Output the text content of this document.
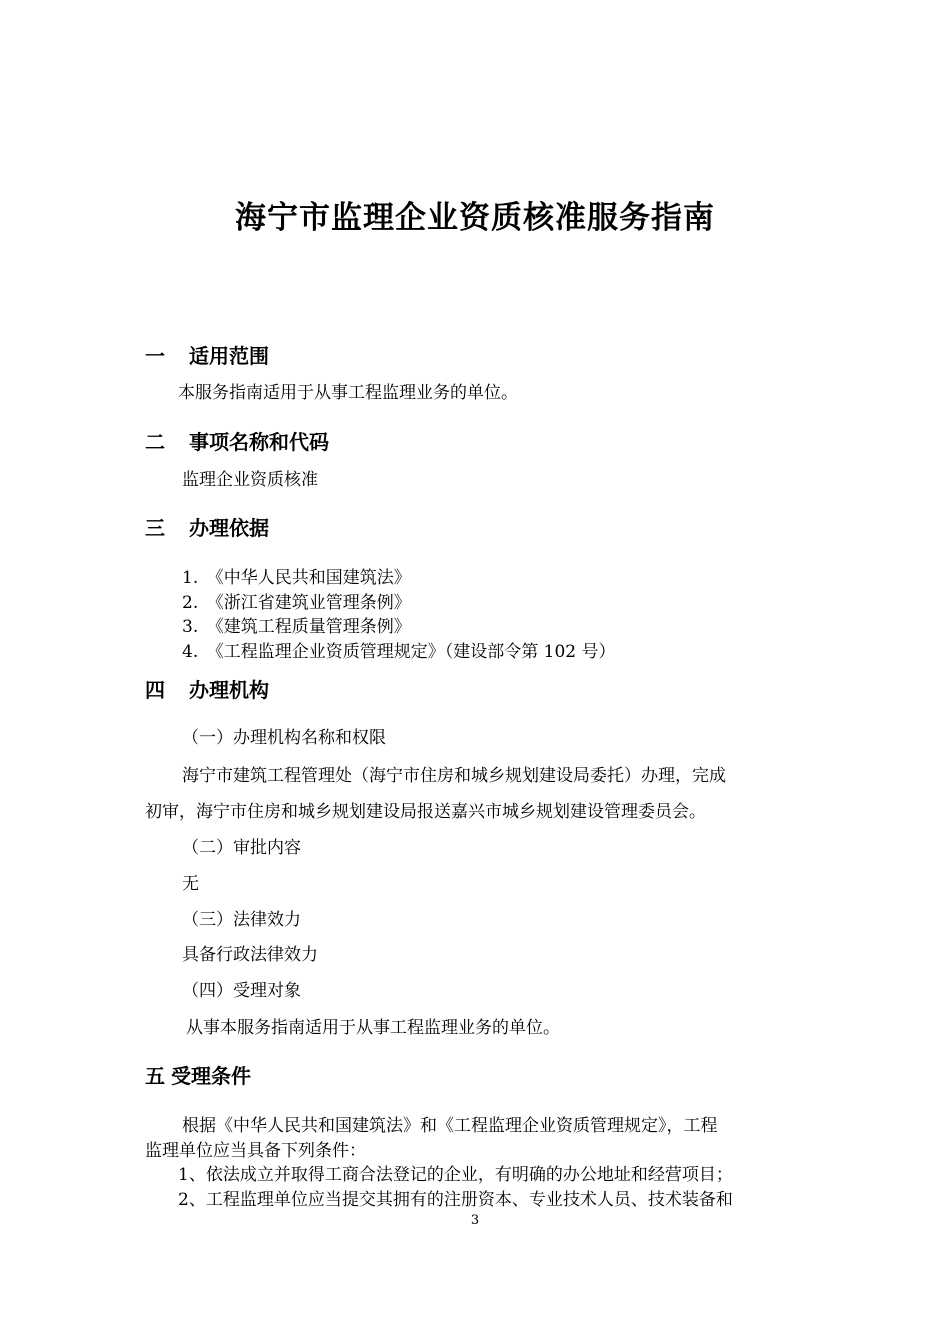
海宁市监理企业资质核准服务指南
一 适用范围
本服务指南适用于从事工程监理业务的单位。
二 事项名称和代码
监理企业资质核准
三 办理依据
1.　《中华人民共和国建筑法》
2.　《浙江省建筑业管理条例》
3.　《建筑工程质量管理条例》
4.　《工程监理企业资质管理规定》（建设部令第 102 号）
四 办理机构
（一）办理机构名称和权限
海宁市建筑工程管理处（海宁市住房和城乡规划建设局委托）办理，完成
初审，海宁市住房和城乡规划建设局报送嘉兴市城乡规划建设管理委员会。
（二）审批内容
无
（三）法律效力
具备行政法律效力
（四）受理对象
从事本服务指南适用于从事工程监理业务的单位。
五 受理条件
根据《中华人民共和国建筑法》和《工程监理企业资质管理规定》，工程
监理单位应当具备下列条件：
1、依法成立并取得工商合法登记的企业，有明确的办公地址和经营项目；
2、工程监理单位应当提交其拥有的注册资本、专业技术人员、技术装备和
3
